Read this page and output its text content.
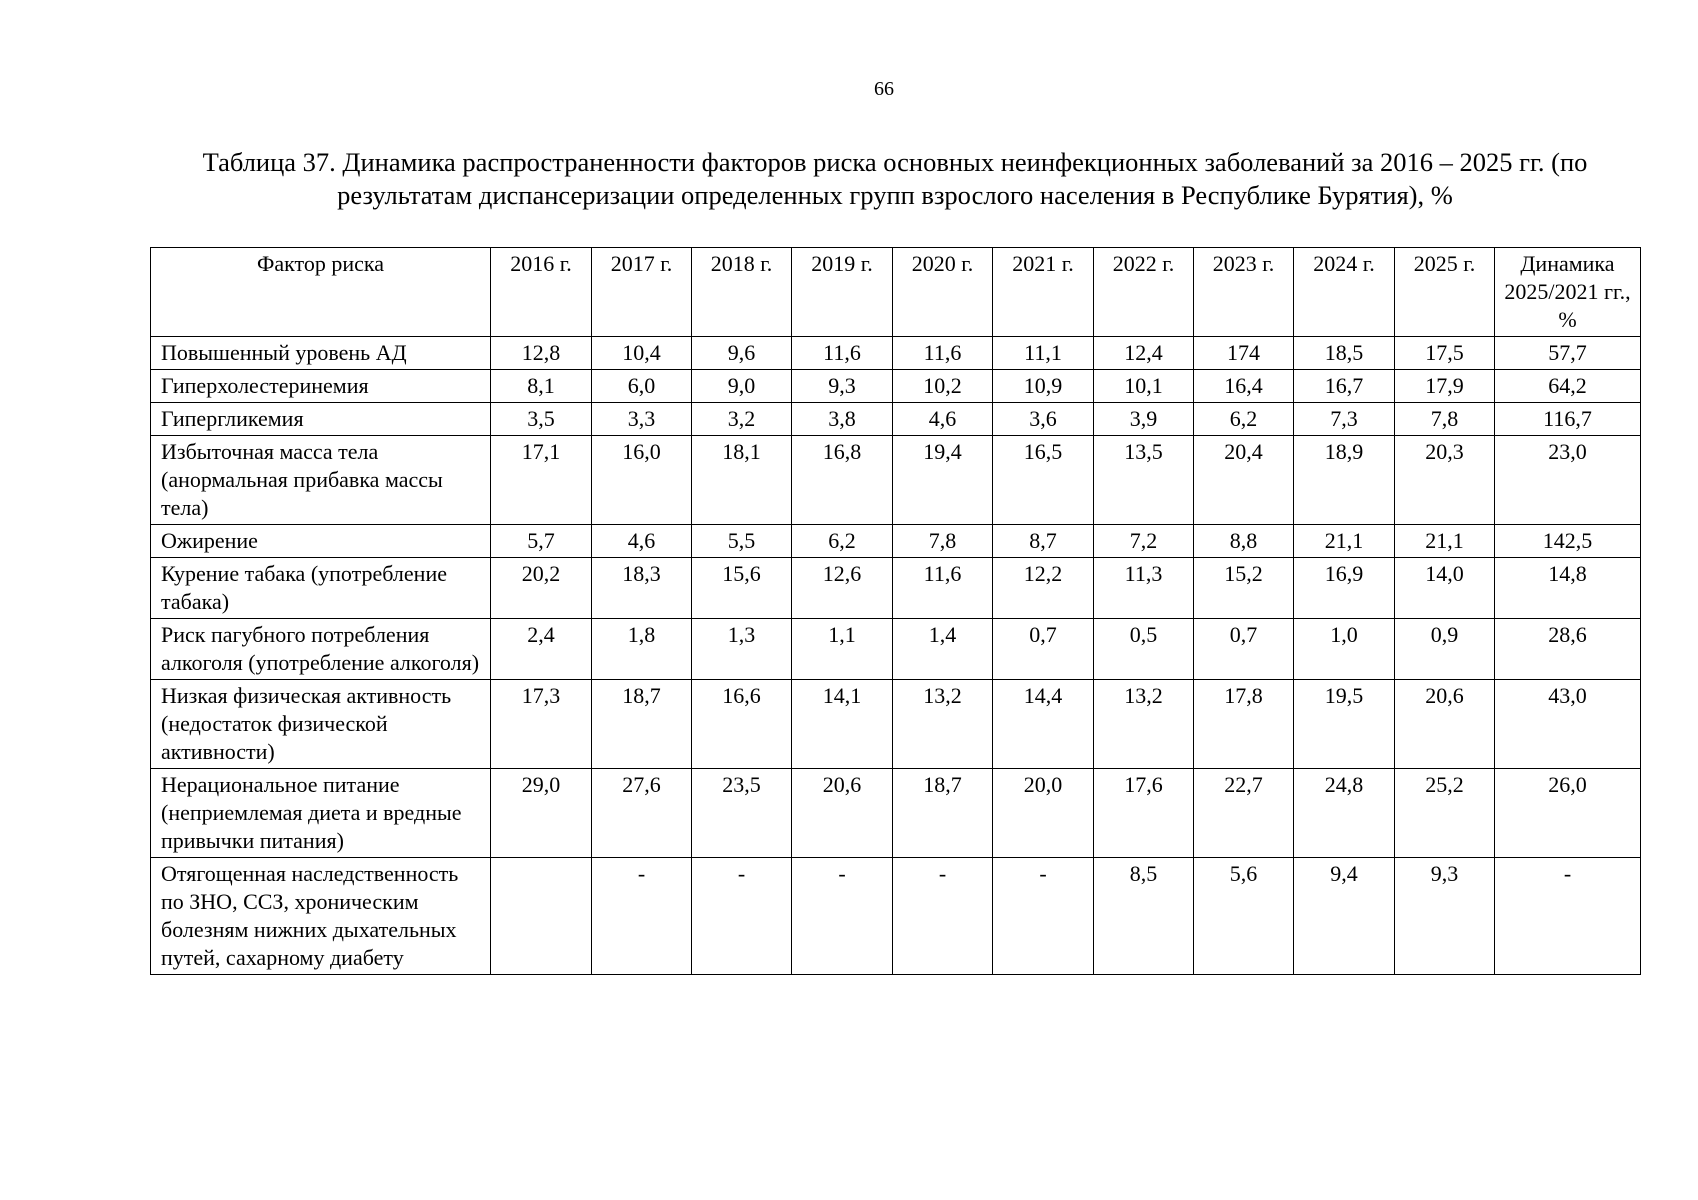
66
Таблица 37. Динамика распространенности факторов риска основных неинфекционных заболеваний за 2016 – 2025 гг. (по результатам диспансеризации определенных групп взрослого населения в Республике Бурятия), %
Фактор риска	2016 г.	2017 г.	2018 г.	2019 г.	2020 г.	2021 г.	2022 г.	2023 г.	2024 г.	2025 г.	Динамика 2025/2021 гг., %
Повышенный уровень АД	12,8	10,4	9,6	11,6	11,6	11,1	12,4	174	18,5	17,5	57,7
Гиперхолестеринемия	8,1	6,0	9,0	9,3	10,2	10,9	10,1	16,4	16,7	17,9	64,2
Гипергликемия	3,5	3,3	3,2	3,8	4,6	3,6	3,9	6,2	7,3	7,8	116,7
Избыточная масса тела (анормальная прибавка массы тела)	17,1	16,0	18,1	16,8	19,4	16,5	13,5	20,4	18,9	20,3	23,0
Ожирение	5,7	4,6	5,5	6,2	7,8	8,7	7,2	8,8	21,1	21,1	142,5
Курение табака (употребление табака)	20,2	18,3	15,6	12,6	11,6	12,2	11,3	15,2	16,9	14,0	14,8
Риск пагубного потребления алкоголя (употребление алкоголя)	2,4	1,8	1,3	1,1	1,4	0,7	0,5	0,7	1,0	0,9	28,6
Низкая физическая активность (недостаток физической активности)	17,3	18,7	16,6	14,1	13,2	14,4	13,2	17,8	19,5	20,6	43,0
Нерациональное питание (неприемлемая диета и вредные привычки питания)	29,0	27,6	23,5	20,6	18,7	20,0	17,6	22,7	24,8	25,2	26,0
Отягощенная наследственность по ЗНО, ССЗ, хроническим болезням нижних дыхательных путей, сахарному диабету		-	-	-	-	-	8,5	5,6	9,4	9,3	-
